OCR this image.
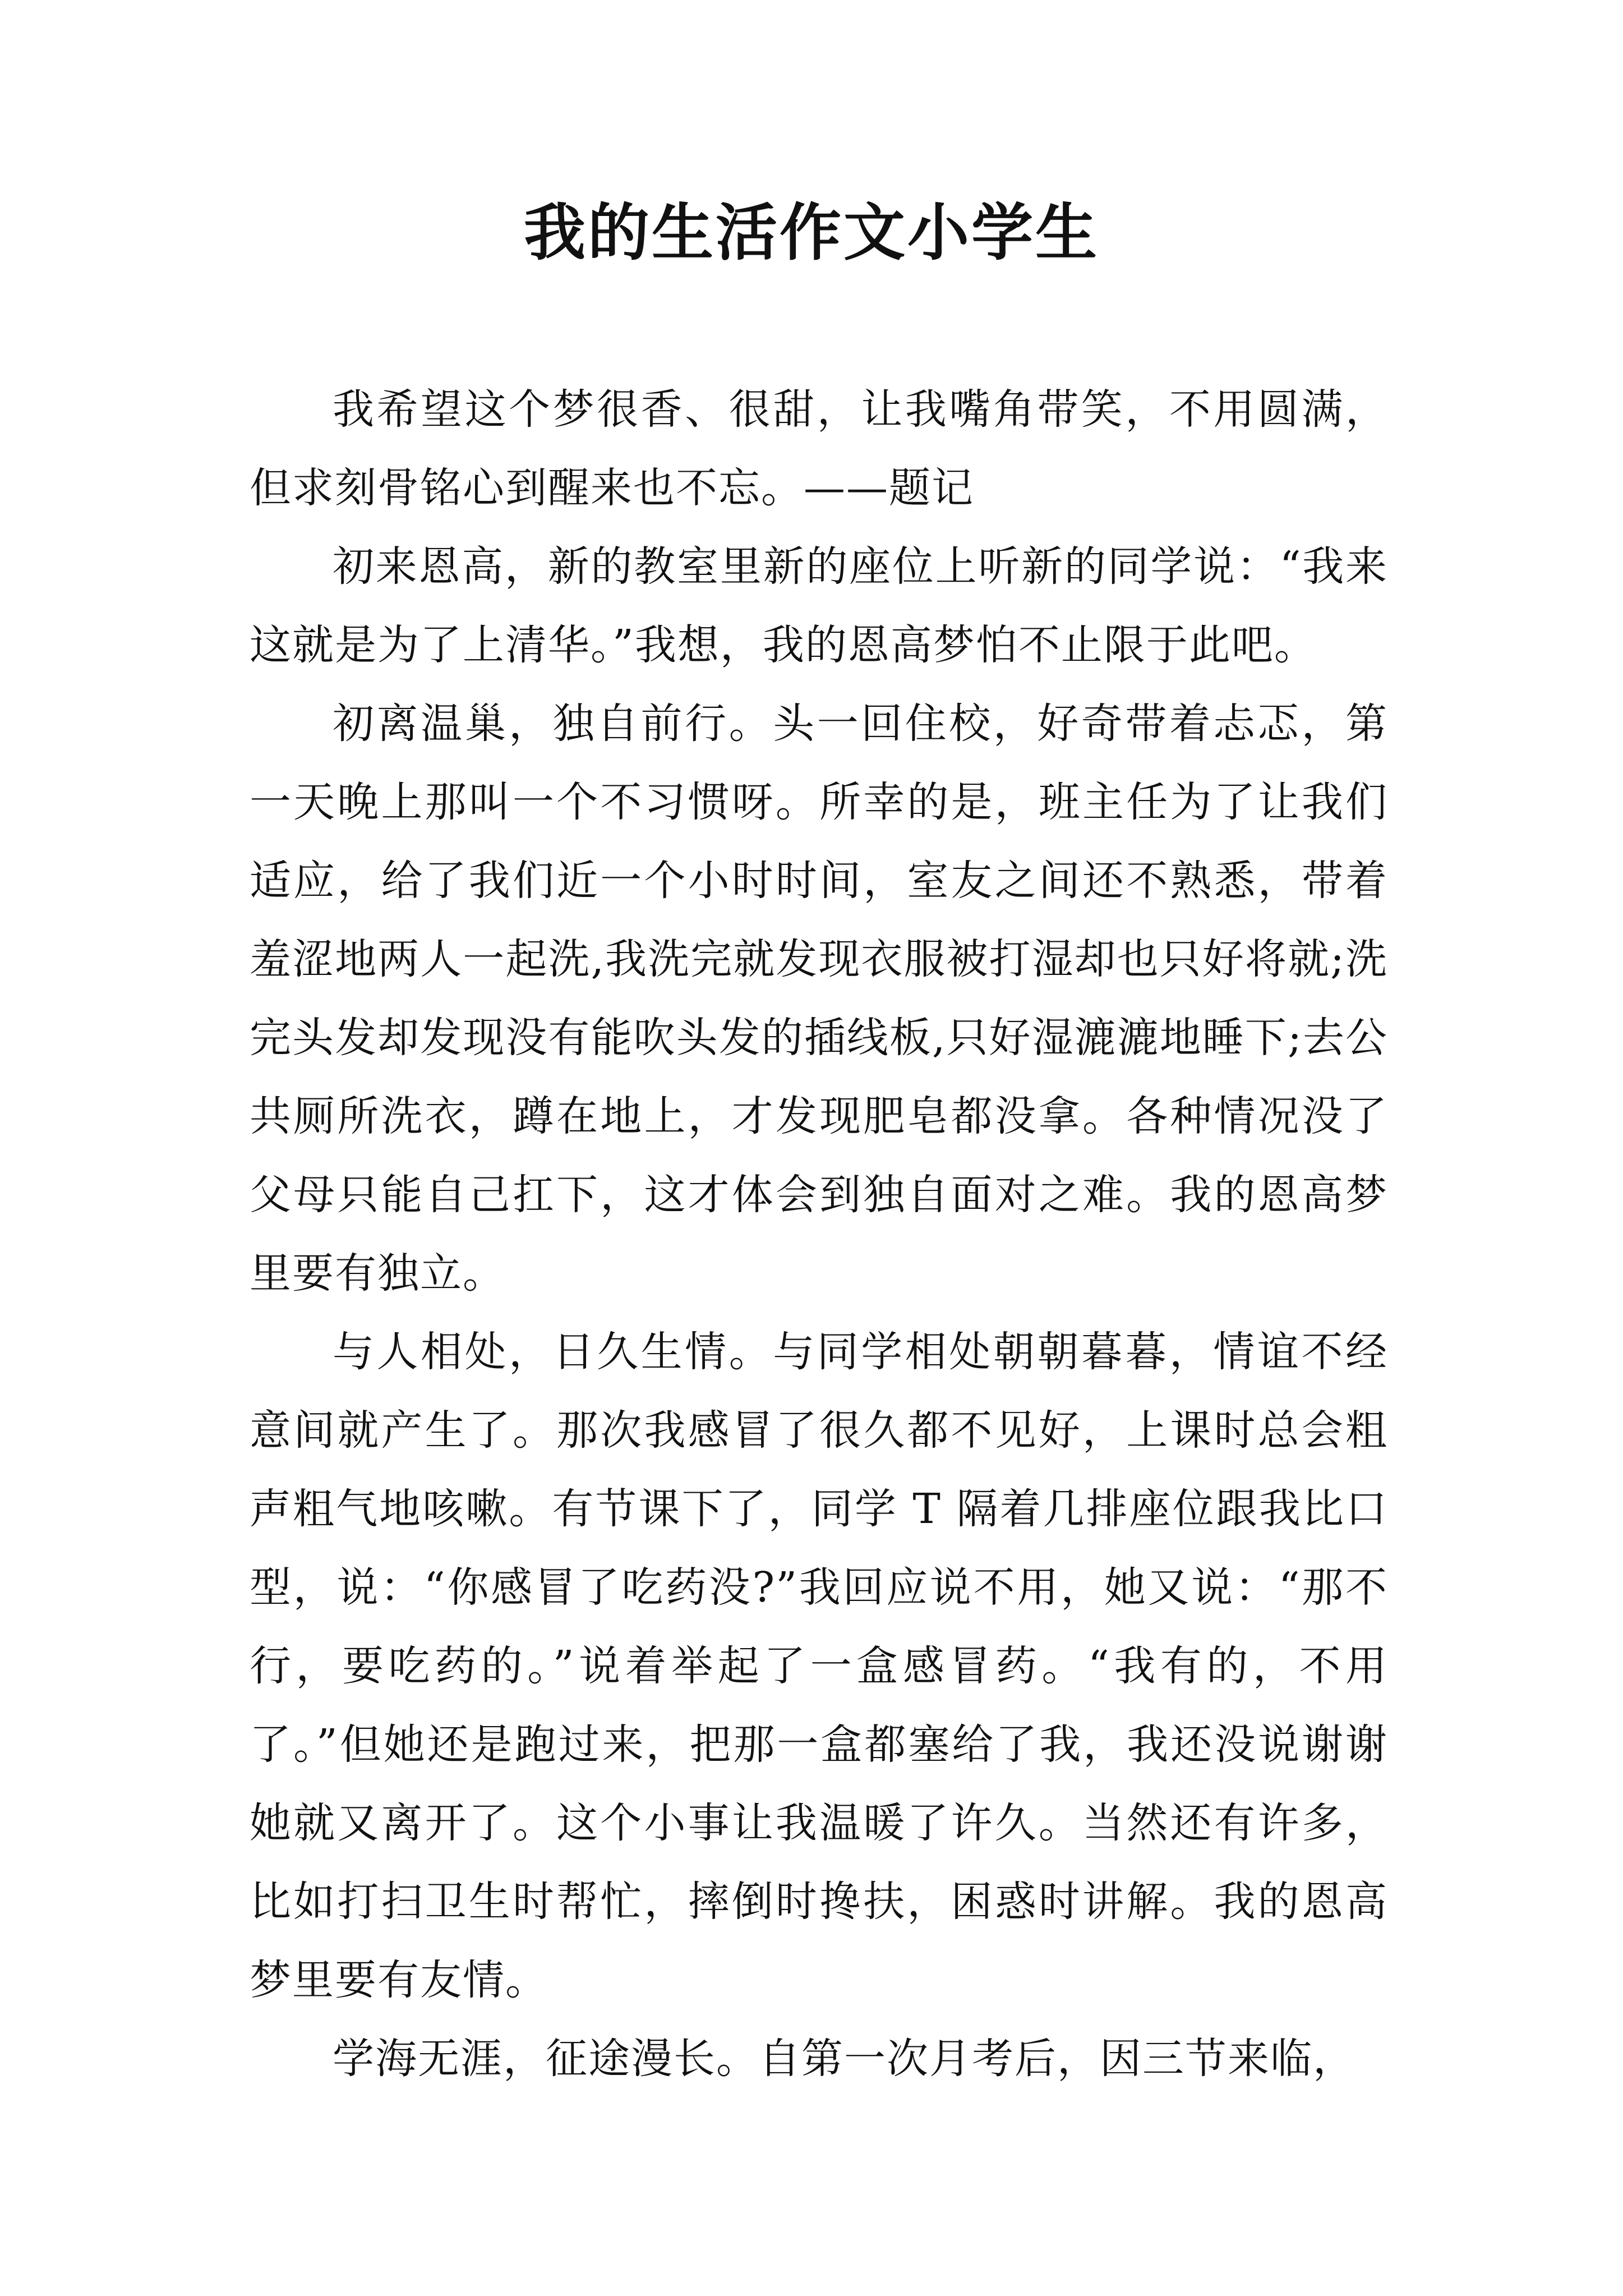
我的生活作文小学生

我希望这个梦很香、很甜，让我嘴角带笑，不用圆满，但求刻骨铭心到醒来也不忘。——题记

初来恩高，新的教室里新的座位上听新的同学说：“我来这就是为了上清华。”我想，我的恩高梦怕不止限于此吧。

初离温巢，独自前行。头一回住校，好奇带着忐忑，第一天晚上那叫一个不习惯呀。所幸的是，班主任为了让我们适应，给了我们近一个小时时间，室友之间还不熟悉，带着羞涩地两人一起洗,我洗完就发现衣服被打湿却也只好将就;洗完头发却发现没有能吹头发的插线板,只好湿漉漉地睡下;去公共厕所洗衣，蹲在地上，才发现肥皂都没拿。各种情况没了父母只能自己扛下，这才体会到独自面对之难。我的恩高梦里要有独立。

与人相处，日久生情。与同学相处朝朝暮暮，情谊不经意间就产生了。那次我感冒了很久都不见好，上课时总会粗声粗气地咳嗽。有节课下了，同学 T 隔着几排座位跟我比口型，说：“你感冒了吃药没?”我回应说不用，她又说：“那不行，要吃药的。”说着举起了一盒感冒药。“我有的，不用了。”但她还是跑过来，把那一盒都塞给了我，我还没说谢谢她就又离开了。这个小事让我温暖了许久。当然还有许多，比如打扫卫生时帮忙，摔倒时搀扶，困惑时讲解。我的恩高梦里要有友情。

学海无涯，征途漫长。自第一次月考后，因三节来临，
